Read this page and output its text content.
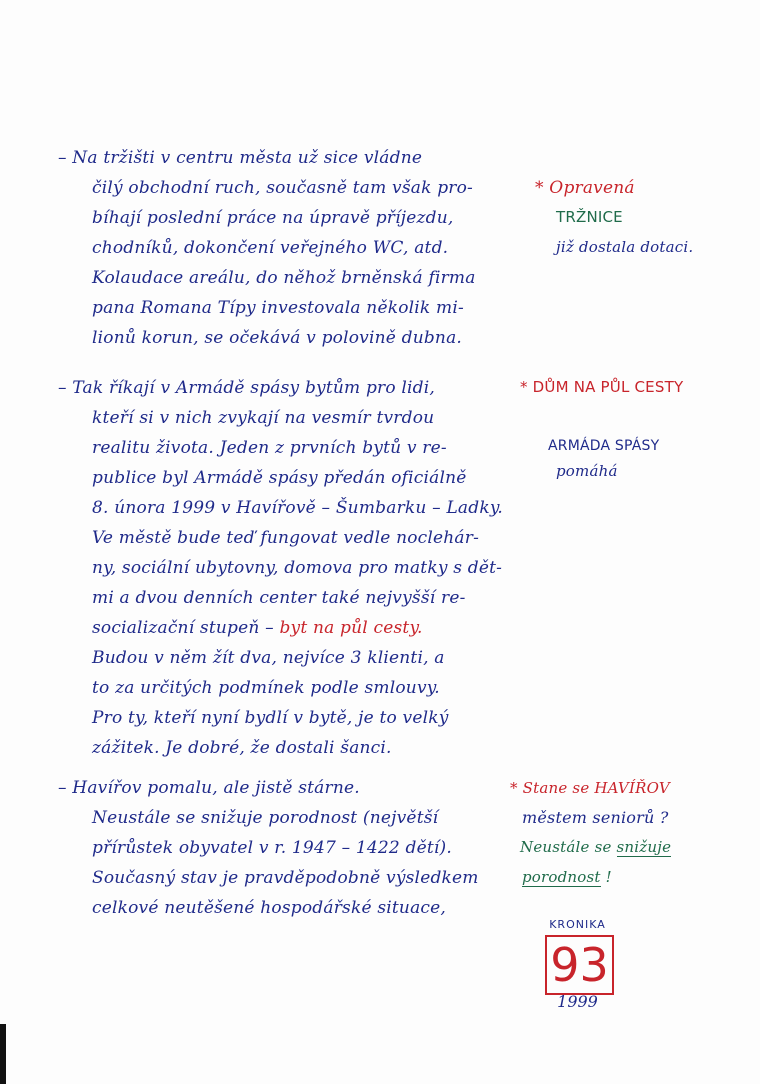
– Na tržišti v centru města už sice vládne
čilý obchodní ruch, současně tam však pro-
bíhají poslední práce na úpravě příjezdu,
chodníků, dokončení veřejného WC, atd.
Kolaudace areálu, do něhož brněnská firma
pana Romana Típy investovala několik mi-
lionů korun, se očekává v polovině dubna.
* Opravená
TRŽNICE
již dostala dotaci.
– Tak říkají v Armádě spásy bytům pro lidi,
kteří si v nich zvykají na vesmír tvrdou
realitu života. Jeden z prvních bytů v re-
publice byl Armádě spásy předán oficiálně
8. února 1999 v Havířově – Šumbarku – Ladky.
Ve městě bude teď fungovat vedle noclehár-
ny, sociální ubytovny, domova pro matky s dět-
mi a dvou denních center také nejvyšší re-
socializační stupeň – byt na půl cesty.
Budou v něm žít dva, nejvíce 3 klienti, a
to za určitých podmínek podle smlouvy.
Pro ty, kteří nyní bydlí v bytě, je to velký
zážitek. Je dobré, že dostali šanci.
* DŮM NA PŮL CESTY
ARMÁDA SPÁSY
pomáhá
– Havířov pomalu, ale jistě stárne.
Neustále se snižuje porodnost (největší
přírůstek obyvatel v r. 1947 – 1422 dětí).
Současný stav je pravděpodobně výsledkem
celkové neutěšené hospodářské situace,
* Stane se HAVÍŘOV
městem seniorů ?
Neustále se snižuje
porodnost !
KRONIKA
93
1999
